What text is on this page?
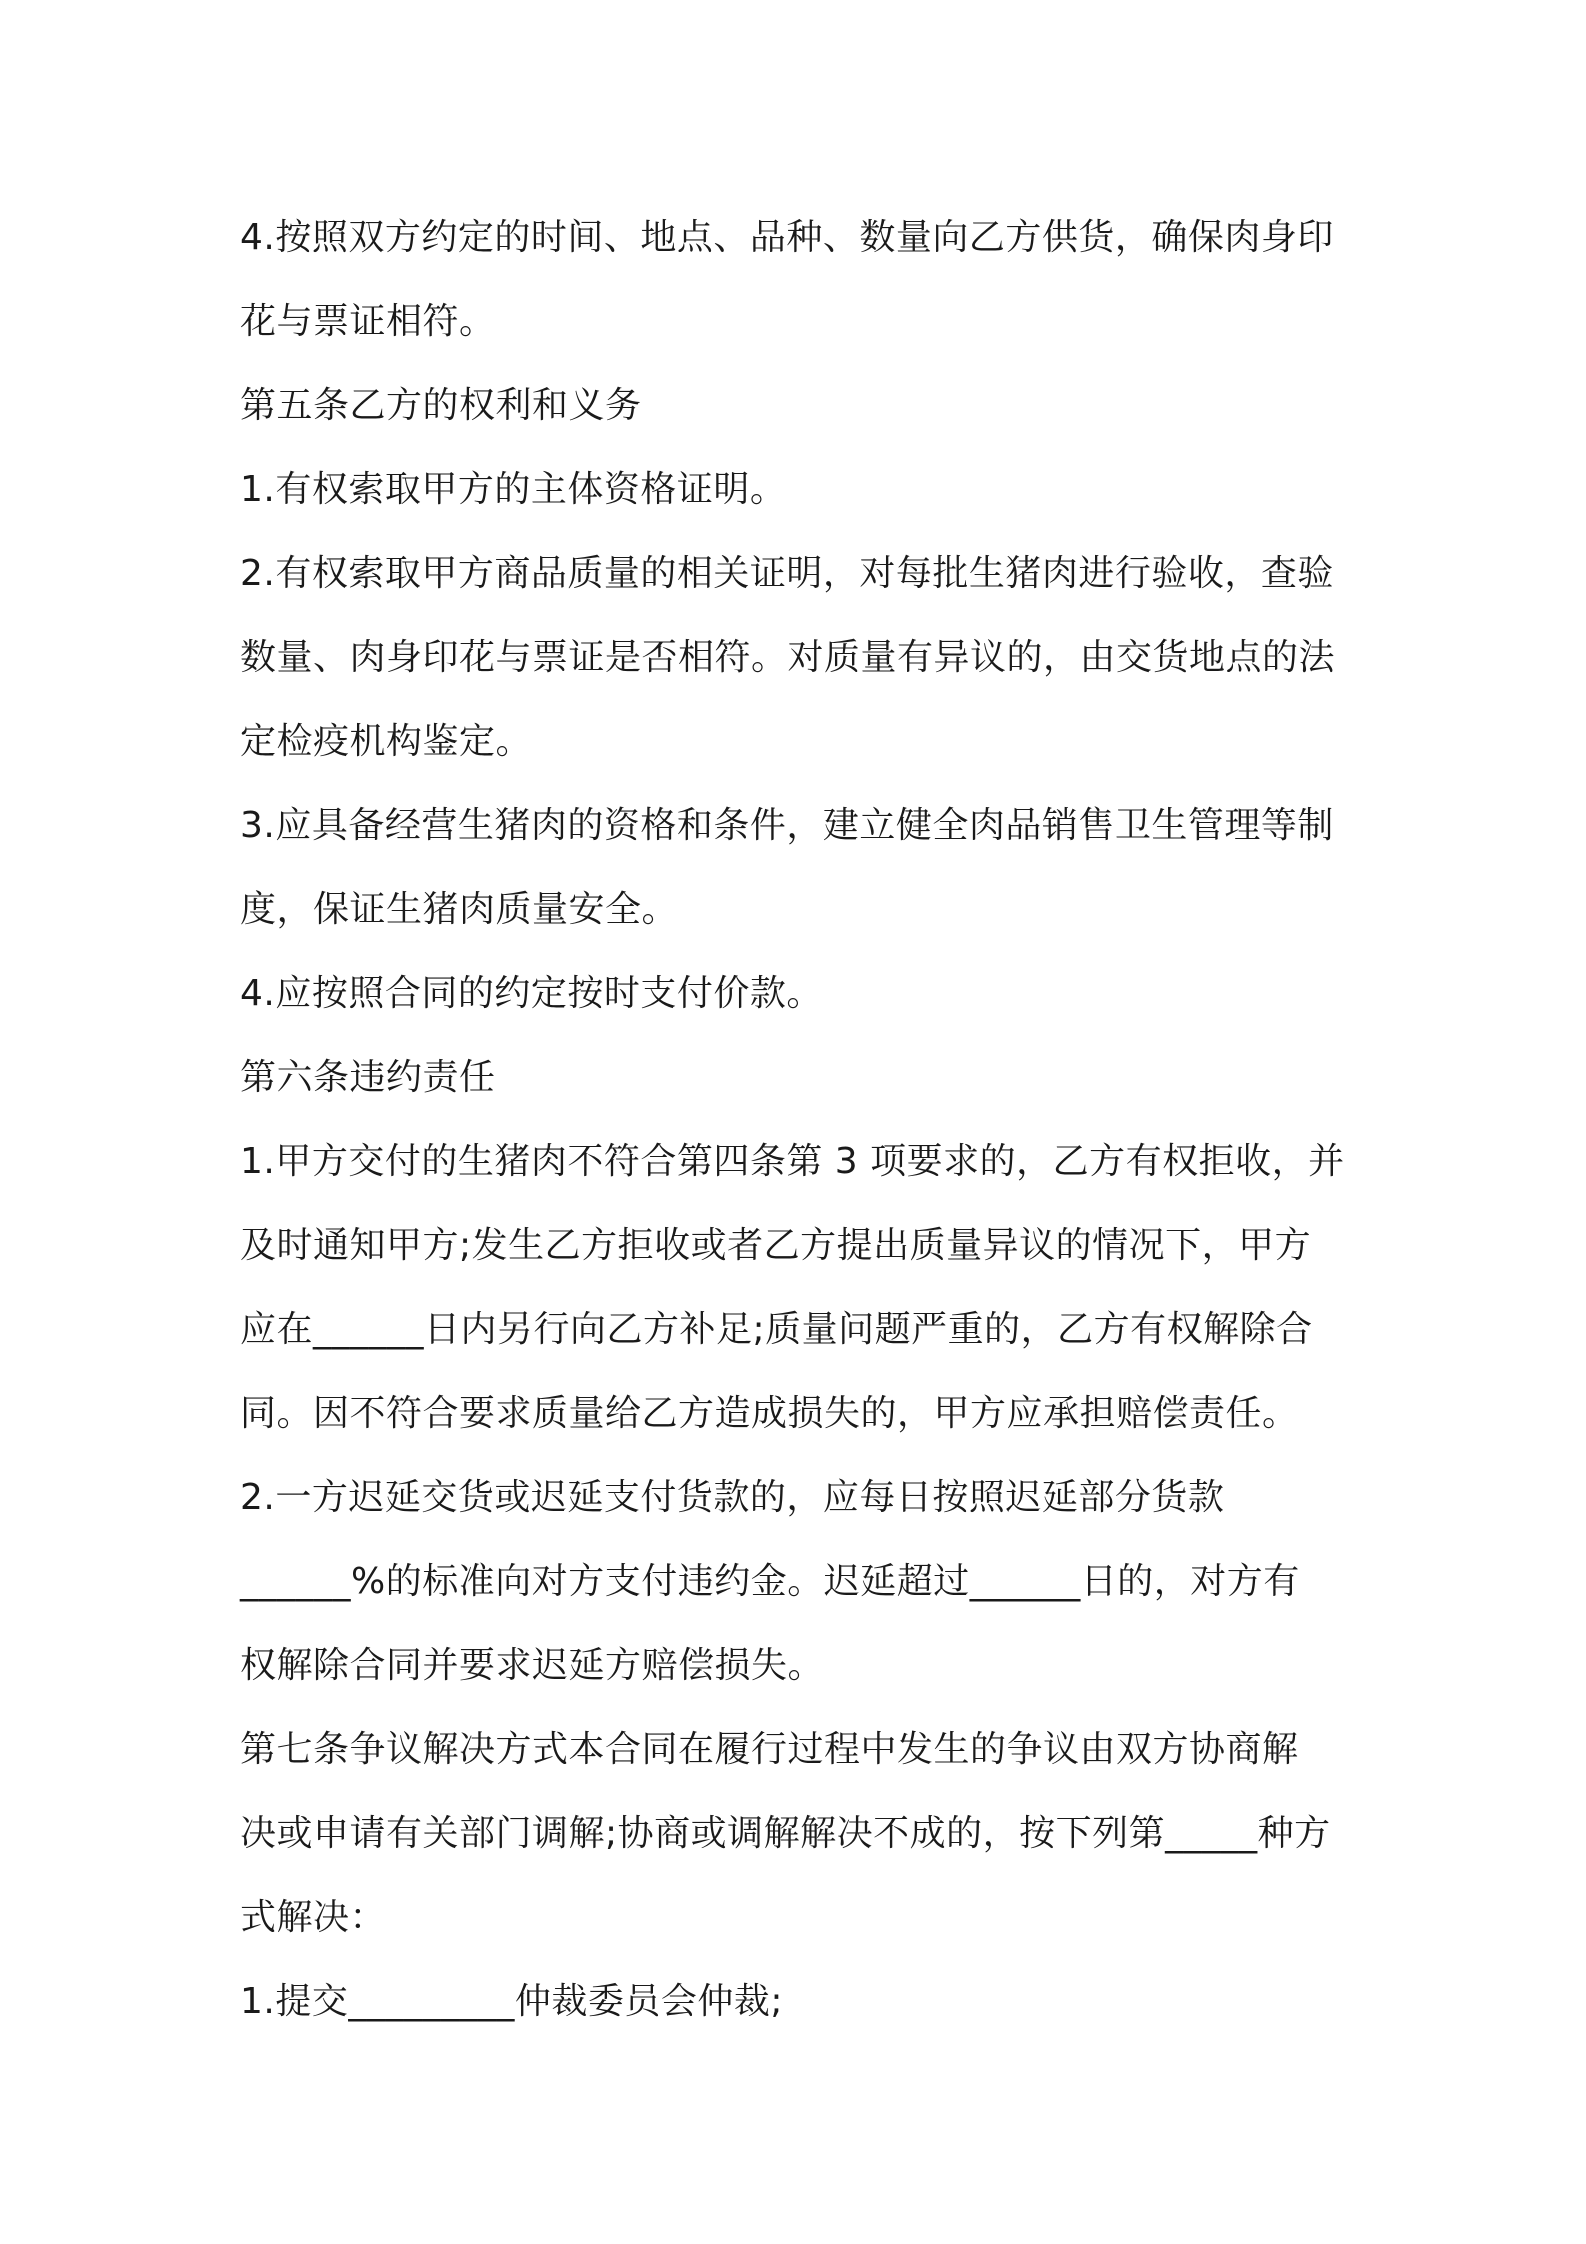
4.按照双方约定的时间、地点、品种、数量向乙方供货，确保肉身印

花与票证相符。

第五条乙方的权利和义务

1.有权索取甲方的主体资格证明。

2.有权索取甲方商品质量的相关证明，对每批生猪肉进行验收，查验

数量、肉身印花与票证是否相符。对质量有异议的，由交货地点的法

定检疫机构鉴定。

3.应具备经营生猪肉的资格和条件，建立健全肉品销售卫生管理等制

度，保证生猪肉质量安全。

4.应按照合同的约定按时支付价款。

第六条违约责任

1.甲方交付的生猪肉不符合第四条第 3 项要求的，乙方有权拒收，并

及时通知甲方;发生乙方拒收或者乙方提出质量异议的情况下，甲方

应在______日内另行向乙方补足;质量问题严重的，乙方有权解除合

同。因不符合要求质量给乙方造成损失的，甲方应承担赔偿责任。

2.一方迟延交货或迟延支付货款的，应每日按照迟延部分货款

______%的标准向对方支付违约金。迟延超过______日的，对方有

权解除合同并要求迟延方赔偿损失。

第七条争议解决方式本合同在履行过程中发生的争议由双方协商解

决或申请有关部门调解;协商或调解解决不成的，按下列第_____种方

式解决：

1.提交_________仲裁委员会仲裁;
